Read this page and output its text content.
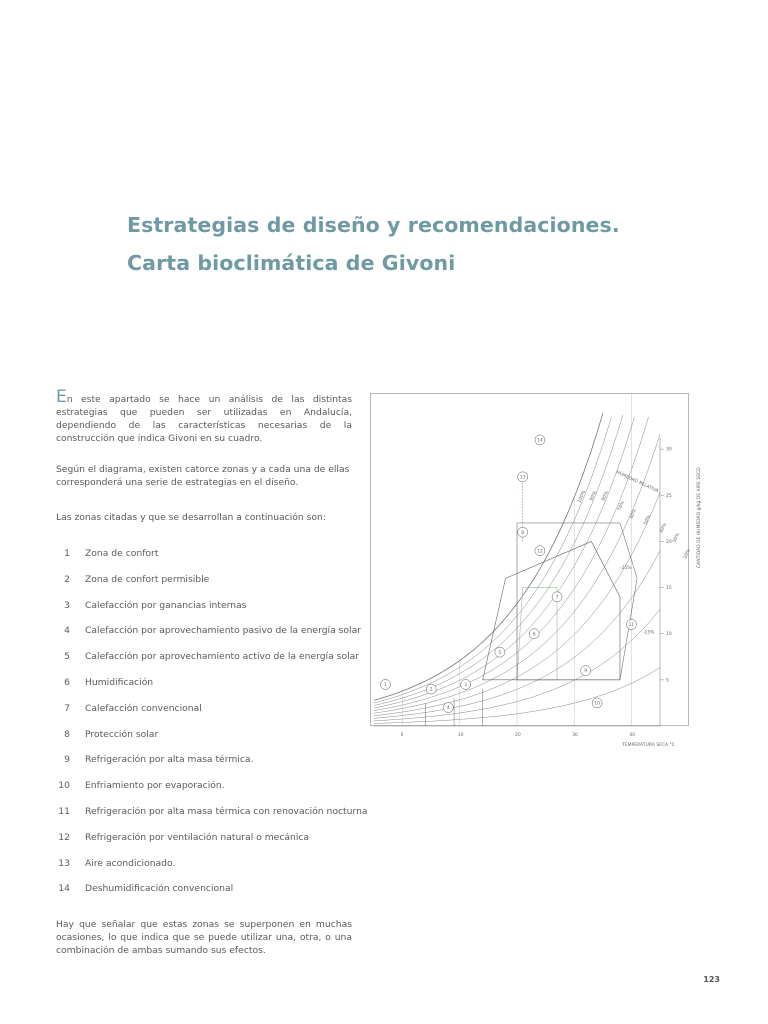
Estrategias de diseño y recomendaciones.
Carta bioclimática de Givoni
En este apartado se hace un análisis de las distintas estrategias que pueden ser utilizadas en Andalucía, dependiendo de las características necesarias de la construcción que indica Givoni en su cuadro.
Según el diagrama, existen catorce zonas y a cada una de ellas corresponderá una serie de estrategias en el diseño.
Las zonas citadas y que se desarrollan a continuación son:
1 Zona de confort
2 Zona de confort permisible
3 Calefacción por ganancias internas
4 Calefacción por aprovechamiento pasivo de la energía solar
5 Calefacción por aprovechamiento activo de la energía solar
6 Humidificación
7 Calefacción convencional
8 Protección solar
9 Refrigeración por alta masa térmica.
10 Enfriamiento por evaporación.
11 Refrigeración por alta masa térmica con renovación nocturna
12 Refrigeración por ventilación natural o mecánica
13 Aire acondicionado.
14 Deshumidificación convencional
Hay que señalar que estas zonas se superponen en muchas ocasiones, lo que indica que se puede utilizar una, otra, o una combinación de ambas sumando sus efectos.
123
5
10
15
20
25
30
0	10	20	30	40
TEMPERATURA SECA °C
CANTIDAD DE HUMEDAD g/kg DE AIRE SECO
HUMEDAD RELATIVA
100% 90% 80%
70%
60%
50%
40%
30%
20%
1
2
3
4
5
6
7
8
9
10
11
12
13
14
-25%
-15%
